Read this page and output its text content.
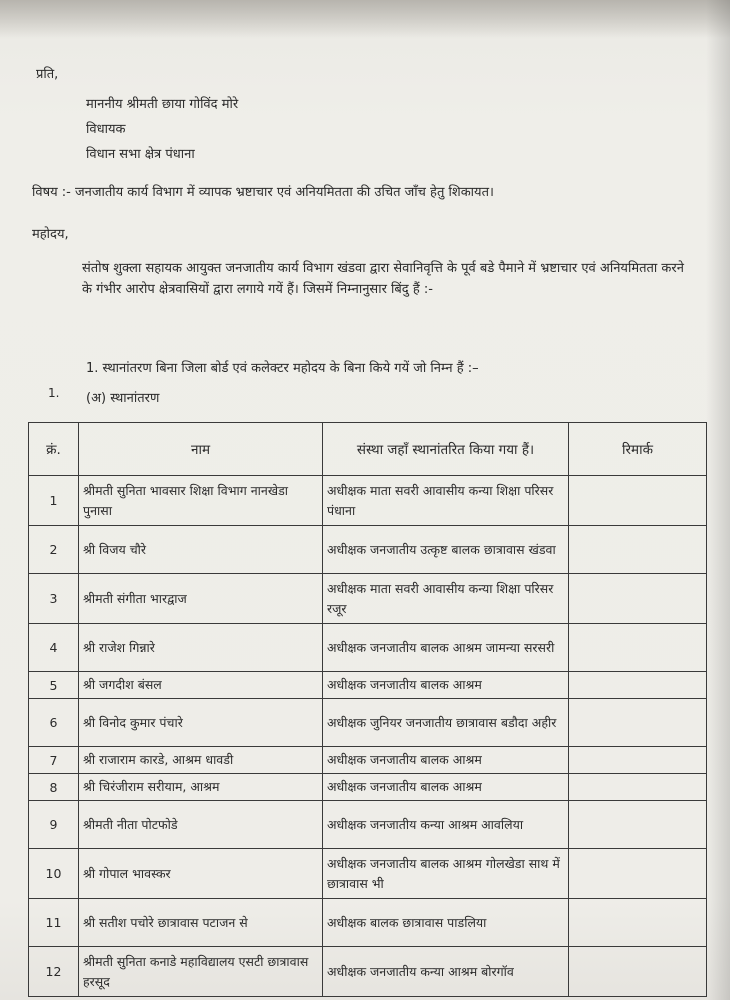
प्रति,
माननीय श्रीमती छाया गोविंद मोरे
विधायक
विधान सभा क्षेत्र पंधाना
विषय :- जनजातीय कार्य विभाग में व्यापक भ्रष्टाचार एवं अनियमितता की उचित जाँच हेतु शिकायत।
महोदय,
संतोष शुक्ला सहायक आयुक्त जनजातीय कार्य विभाग खंडवा द्वारा सेवानिवृत्ति के पूर्व बडे पैमाने में भ्रष्टाचार एवं अनियमितता करने के गंभीर आरोप क्षेत्रवासियों द्वारा लगाये गयें हैं। जिसमें निम्नानुसार बिंदु हैं :-
1. स्थानांतरण बिना जिला बोर्ड एवं कलेक्टर महोदय के बिना किये गयें जो निम्न हैं :–
1. (अ) स्थानांतरण
क्रं.	नाम	संस्था जहाँ स्थानांतरित किया गया हैं।	रिमार्क
1	श्रीमती सुनिता भावसार शिक्षा विभाग नानखेडा पुनासा	अधीक्षक माता सवरी आवासीय कन्या शिक्षा परिसर पंधाना	
2	श्री विजय चौरे	अधीक्षक जनजातीय उत्कृष्ट बालक छात्रावास खंडवा	
3	श्रीमती संगीता भारद्वाज	अधीक्षक माता सवरी आवासीय कन्या शिक्षा परिसर रजूर	
4	श्री राजेश गिन्नारे	अधीक्षक जनजातीय बालक आश्रम जामन्या सरसरी	
5	श्री जगदीश बंसल	अधीक्षक जनजातीय बालक आश्रम	
6	श्री विनोद कुमार पंचारे	अधीक्षक जुनियर जनजातीय छात्रावास बडौदा अहीर	
7	श्री राजाराम कारडे, आश्रम धावडी	अधीक्षक जनजातीय बालक आश्रम	
8	श्री चिरंजीराम सरीयाम, आश्रम	अधीक्षक जनजातीय बालक आश्रम	
9	श्रीमती नीता पोटफोडे	अधीक्षक जनजातीय कन्या आश्रम आवलिया	
10	श्री गोपाल भावस्कर	अधीक्षक जनजातीय बालक आश्रम गोलखेडा साथ में छात्रावास भी	
11	श्री सतीश पचोरे छात्रावास पटाजन से	अधीक्षक बालक छात्रावास पाडलिया	
12	श्रीमती सुनिता कनाडे महाविद्यालय एसटी छात्रावास हरसूद	अधीक्षक जनजातीय कन्या आश्रम बोरगॉव	
